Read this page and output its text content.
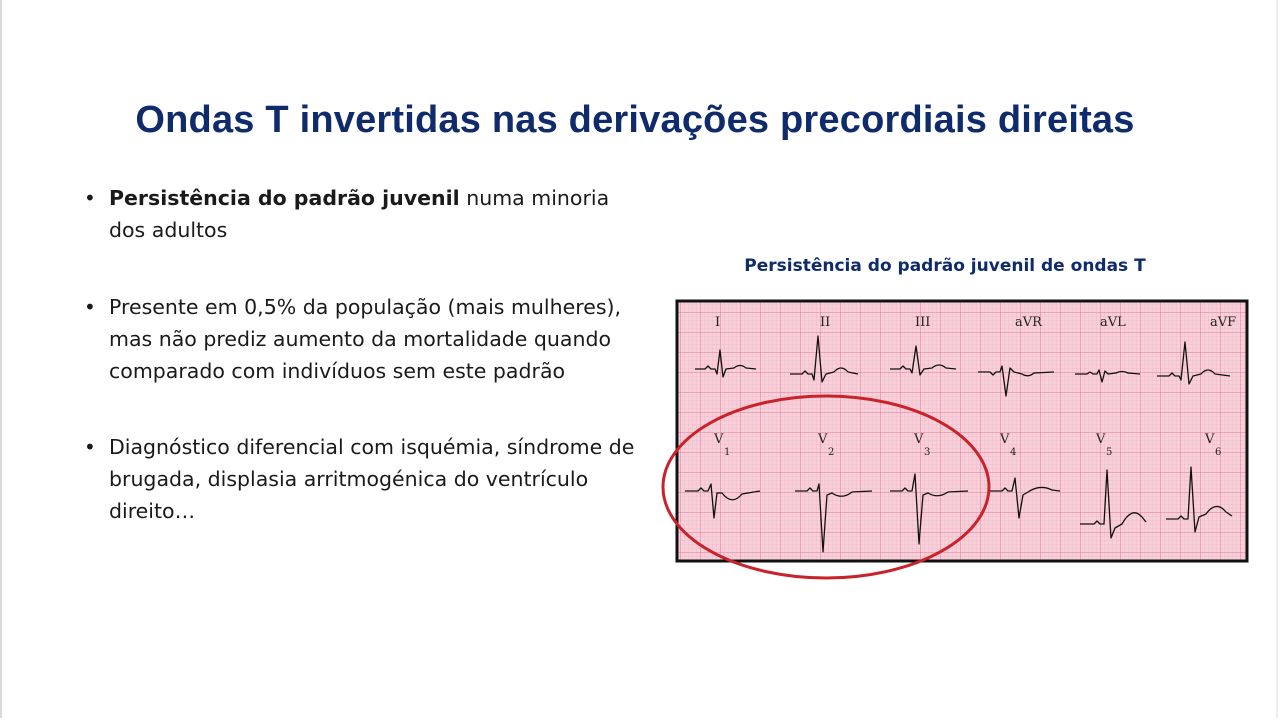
Ondas T invertidas nas derivações precordiais direitas
• Persistência do padrão juvenil numa minoria dos adultos
• Presente em 0,5% da população (mais mulheres), mas não prediz aumento da mortalidade quando comparado com indivíduos sem este padrão
• Diagnóstico diferencial com isquémia, síndrome de brugada, displasia arritmogénica do ventrículo direito…
Persistência do padrão juvenil de ondas T
I	II	III	aVR	aVL	aVF
V
1
V
2
V
3
V
4
V
5
V
6
